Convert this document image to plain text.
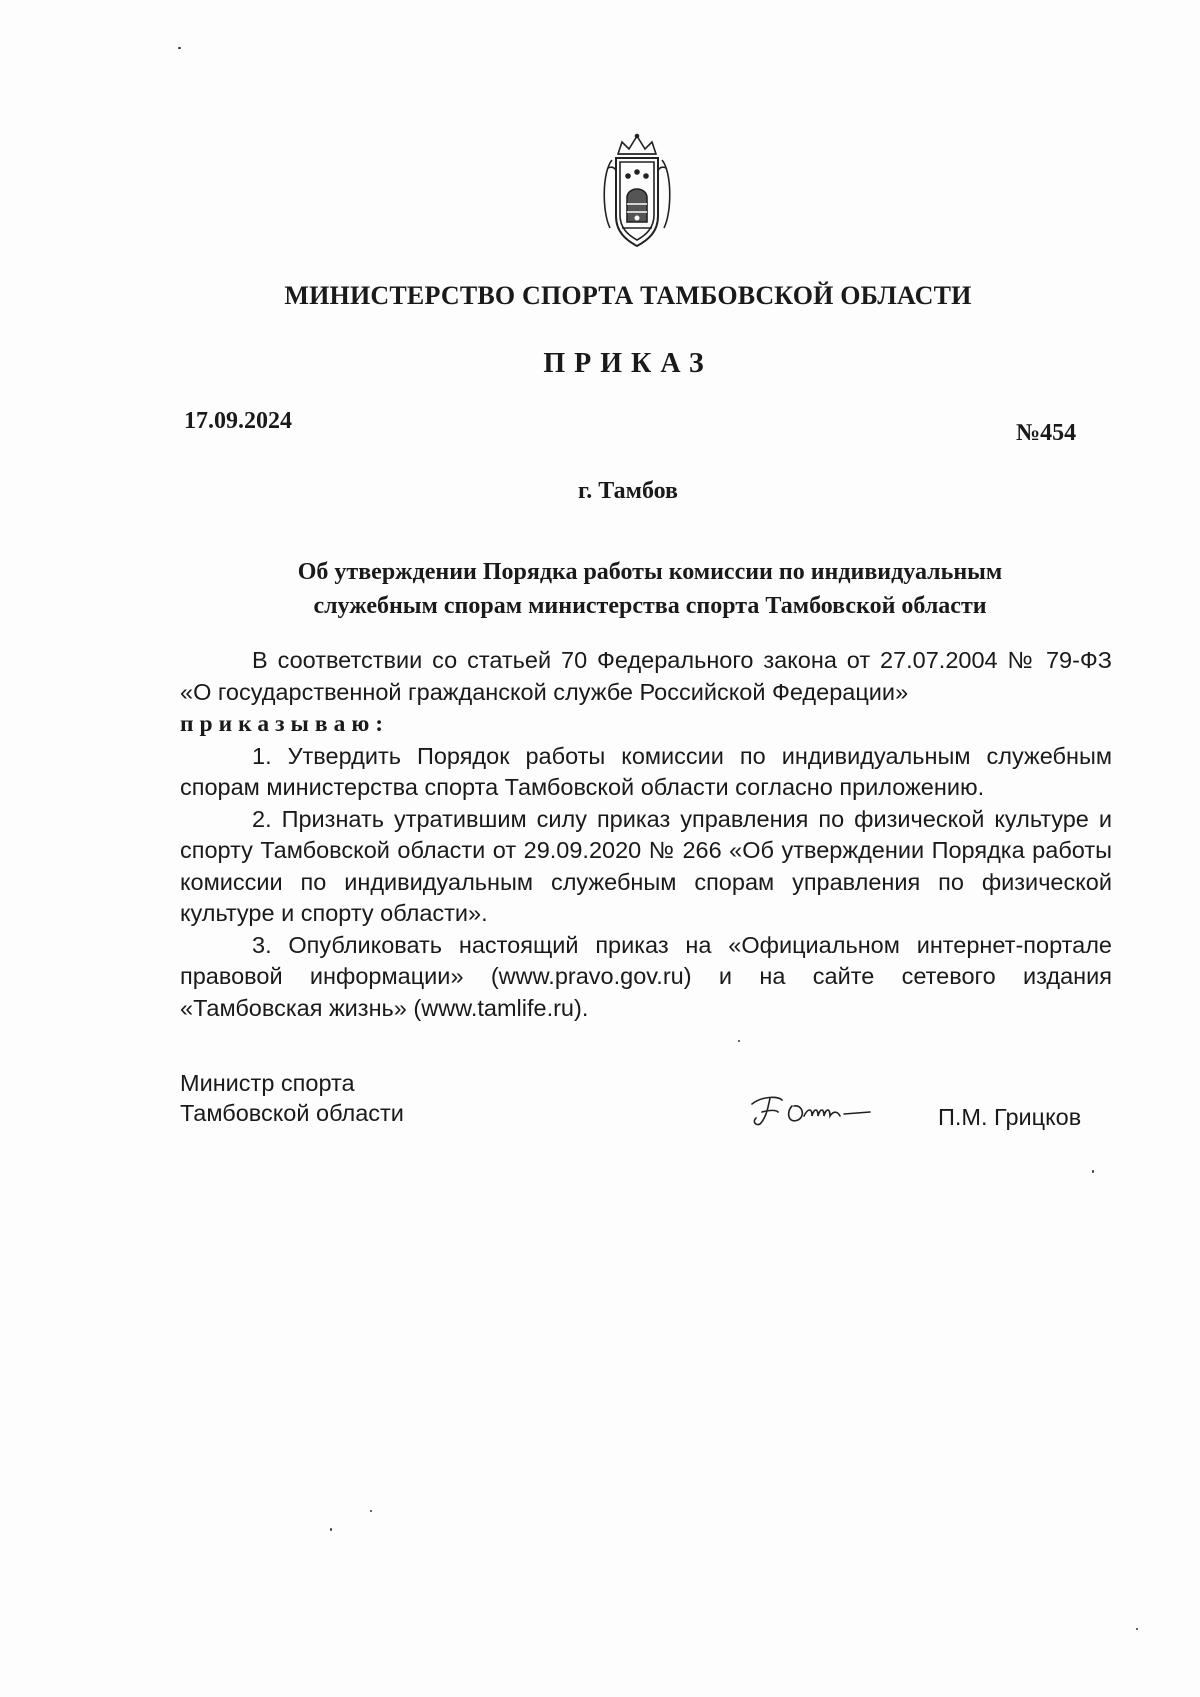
МИНИСТЕРСТВО СПОРТА ТАМБОВСКОЙ ОБЛАСТИ
ПРИКАЗ
17.09.2024	№454
г. Тамбов
Об утверждении Порядка работы комиссии по индивидуальным
служебным спорам министерства спорта Тамбовской области

В соответствии со статьей 70 Федерального закона от 27.07.2004 № 79-ФЗ «О государственной гражданской службе Российской Федерации»

приказываю:

1. Утвердить Порядок работы комиссии по индивидуальным служебным спорам министерства спорта Тамбовской области согласно приложению.

2. Признать утратившим силу приказ управления по физической культуре и спорту Тамбовской области от 29.09.2020 № 266 «Об утверждении Порядка работы комиссии по индивидуальным служебным спорам управления по физической культуре и спорту области».

3. Опубликовать настоящий приказ на «Официальном интернет-портале правовой информации» (www.pravo.gov.ru) и на сайте сетевого издания «Тамбовская жизнь» (www.tamlife.ru).

Министр спорта
Тамбовской области	П.М. Грицков
